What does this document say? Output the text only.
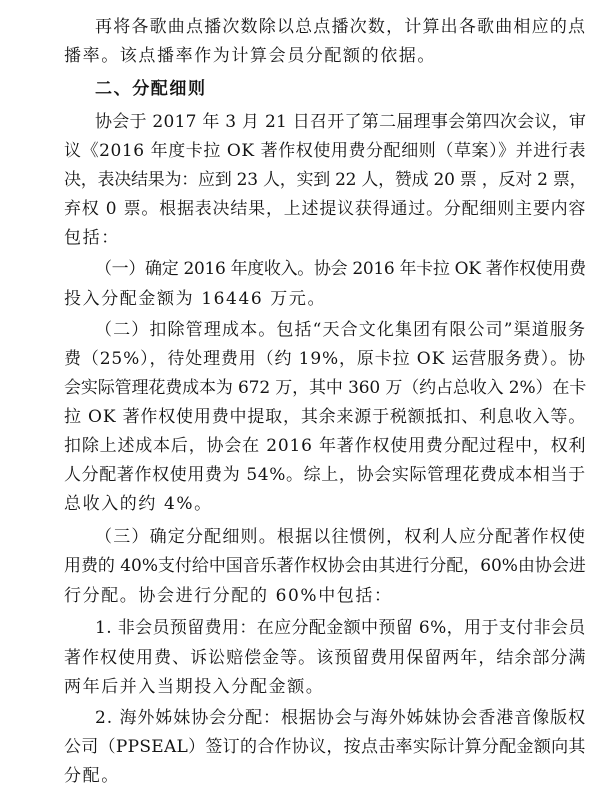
再将各歌曲点播次数除以总点播次数，计算出各歌曲相应的点
播率。该点播率作为计算会员分配额的依据。
二、分配细则
协会于 2017 年 3 月 21 日召开了第二届理事会第四次会议，审
议《2016 年度卡拉 OK 著作权使用费分配细则（草案）》并进行表
决，表决结果为：应到 23 人，实到 22 人，赞成 20 票 ，反对 2 票，
弃权 0 票。根据表决结果，上述提议获得通过。分配细则主要内容
包括：
（一）确定 2016 年度收入。协会 2016 年卡拉 OK 著作权使用费
投入分配金额为 16446 万元。
（二）扣除管理成本。包括“天合文化集团有限公司”渠道服务
费（25%），待处理费用（约 19%，原卡拉 OK 运营服务费）。协
会实际管理花费成本为 672 万，其中 360 万（约占总收入 2%）在卡
拉 OK 著作权使用费中提取，其余来源于税额抵扣、利息收入等。
扣除上述成本后，协会在 2016 年著作权使用费分配过程中，权利
人分配著作权使用费为 54%。综上，协会实际管理花费成本相当于
总收入的约 4%。
（三）确定分配细则。根据以往惯例，权利人应分配著作权使
用费的 40%支付给中国音乐著作权协会由其进行分配，60%由协会进
行分配。协会进行分配的 60%中包括：
1. 非会员预留费用：在应分配金额中预留 6%，用于支付非会员
著作权使用费、诉讼赔偿金等。该预留费用保留两年，结余部分满
两年后并入当期投入分配金额。
2. 海外姊妹协会分配：根据协会与海外姊妹协会香港音像版权
公司（PPSEAL）签订的合作协议，按点击率实际计算分配金额向其
分配。
